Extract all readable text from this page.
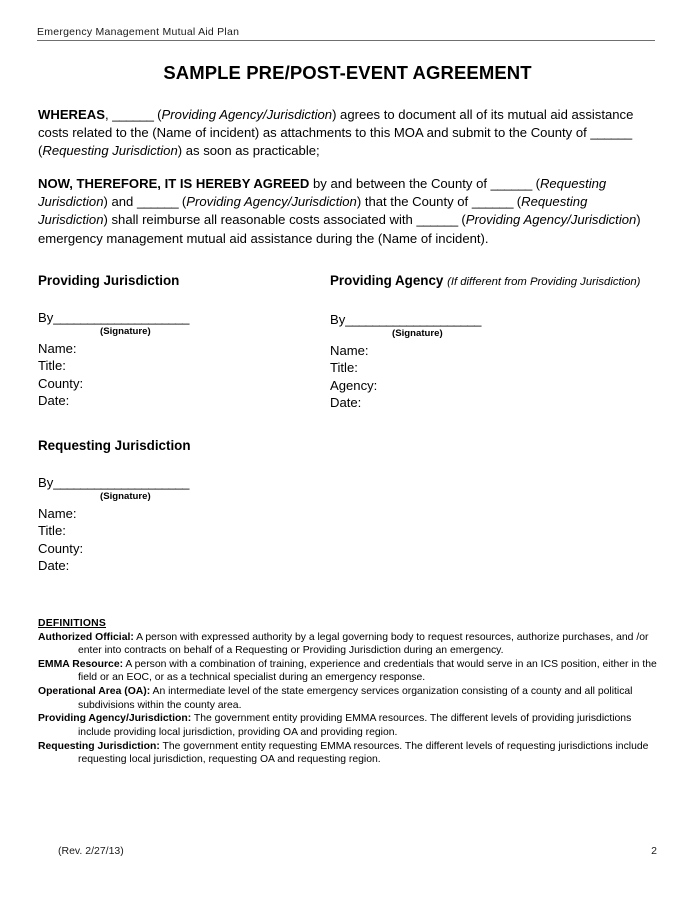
Emergency Management Mutual Aid Plan
SAMPLE PRE/POST-EVENT AGREEMENT
WHEREAS, ______ (Providing Agency/Jurisdiction) agrees to document all of its mutual aid assistance costs related to the (Name of incident) as attachments to this MOA and submit to the County of ______ (Requesting Jurisdiction) as soon as practicable;
NOW, THEREFORE, IT IS HEREBY AGREED by and between the County of ______ (Requesting Jurisdiction) and ______ (Providing Agency/Jurisdiction) that the County of ______ (Requesting Jurisdiction) shall reimburse all reasonable costs associated with ______ (Providing Agency/Jurisdiction) emergency management mutual aid assistance during the (Name of incident).
Providing Jurisdiction
By____________________
(Signature)
Name:
Title:
County:
Date:
Providing Agency (If different from Providing Jurisdiction)
By____________________
(Signature)
Name:
Title:
Agency:
Date:
Requesting Jurisdiction
By____________________
(Signature)
Name:
Title:
County:
Date:
DEFINITIONS
Authorized Official: A person with expressed authority by a legal governing body to request resources, authorize purchases, and /or enter into contracts on behalf of a Requesting or Providing Jurisdiction during an emergency.
EMMA Resource: A person with a combination of training, experience and credentials that would serve in an ICS position, either in the field or an EOC, or as a technical specialist during an emergency response.
Operational Area (OA): An intermediate level of the state emergency services organization consisting of a county and all political subdivisions within the county area.
Providing Agency/Jurisdiction: The government entity providing EMMA resources. The different levels of providing jurisdictions include providing local jurisdiction, providing OA and providing region.
Requesting Jurisdiction: The government entity requesting EMMA resources. The different levels of requesting jurisdictions include requesting local jurisdiction, requesting OA and requesting region.
(Rev. 2/27/13)	2
